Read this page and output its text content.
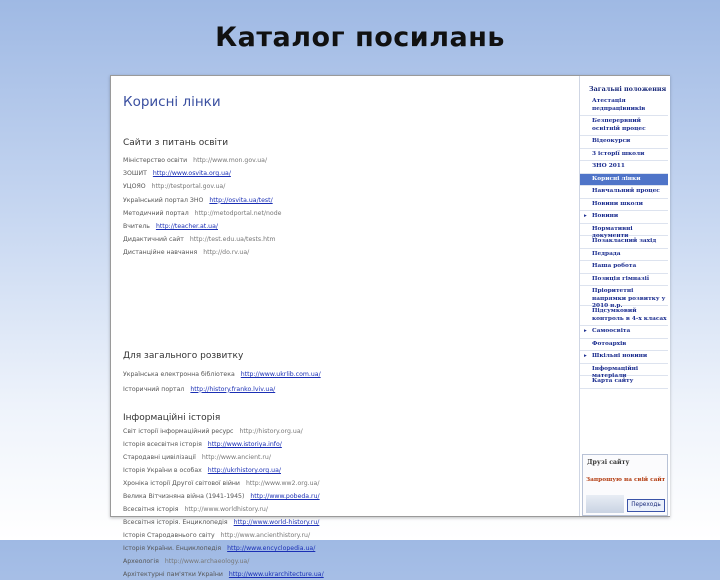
Каталог посилань
Корисні лінки
Сайти з питань освіти
Міністерство освіти http://www.mon.gov.ua/
ЗОШИТ http://www.osvita.org.ua/
УЦОЯО http://testportal.gov.ua/
Український портал ЗНО http://osvita.ua/test/
Методичний портал http://metodportal.net/node
Вчитель http://teacher.at.ua/
Дидактичний сайт http://test.edu.ua/tests.htm
Дистанційне навчання http://do.rv.ua/
Для загального розвитку
Українська електронна бібліотека http://www.ukrlib.com.ua/
Історичний портал http://history.franko.lviv.ua/
Інформаційні історія
Світ історії інформаційний ресурс http://history.org.ua/
Історія всесвітня історія http://www.istoriya.info/
Стародавні цивілізації http://www.ancient.ru/
Історія України в особах http://ukrhistory.org.ua/
Хроніка історії Другої світової війни http://www.ww2.org.ua/
Велика Вітчизняна війна (1941-1945) http://www.pobeda.ru/
Всесвітня історія http://www.worldhistory.ru/
Всесвітня історія. Енциклопедія http://www.world-history.ru/
Історія Стародавнього світу http://www.ancienthistory.ru/
Історія України. Енциклопедія http://www.encyclopedia.ua/
Археологія http://www.archaeology.ua/
Архітектурні пам'ятки України http://www.ukrarchitecture.ua/
Загальні положення
Друзі сайту
Запрошую на свій сайт
Переходь
Атестація педпрацівників
Безперервний освітній процес
Відеокурси
3 історії школи
ЗНО 2011
Корисні лінки
Навчальний процес
Новини школи
▸ Новини
Нормативні документи
Позакласний захід
Педрада
Наша робота
Позиція гімназії
Пріоритетні напрямки розвитку у 2010 н.р.
Підсумковий контроль в 4-х класах
▸ Самоосвіта
Фотоархів
▸ Шкільні новини
Інформаційні матеріали
Карта сайту
